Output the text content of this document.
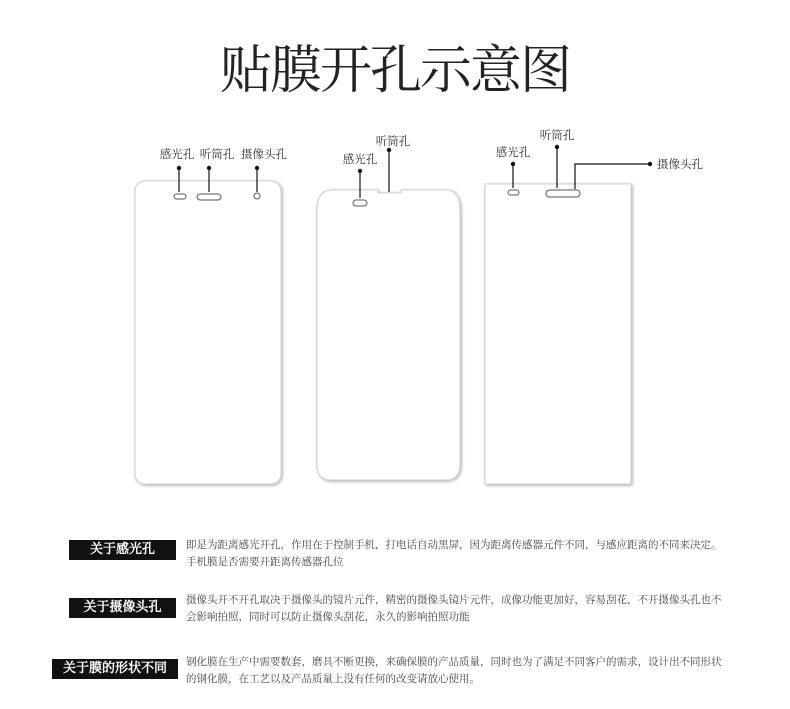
贴膜开孔示意图
感光孔 听筒孔 摄像头孔	感光孔
听筒孔
感光孔
听筒孔
摄像头孔
关于感光孔	即是为距离感光开孔，作用在于控制手机，打电话自动黑屏，因为距离传感器元件不同，与感应距离的不同来决定。
手机膜是否需要开距离传感器孔位
关于摄像头孔	摄像头开不开孔取决于摄像头的镜片元件，精密的摄像头镜片元件，成像功能更加好，容易刮花，不开摄像头孔也不
会影响拍照，同时可以防止摄像头刮花，永久的影响拍照功能
关于膜的形状不同	钢化膜在生产中需要数套，磨具不断更换，来确保膜的产品质量，同时也为了满足不同客户的需求，设计出不同形状
的钢化膜，在工艺以及产品质量上没有任何的改变请放心使用。
